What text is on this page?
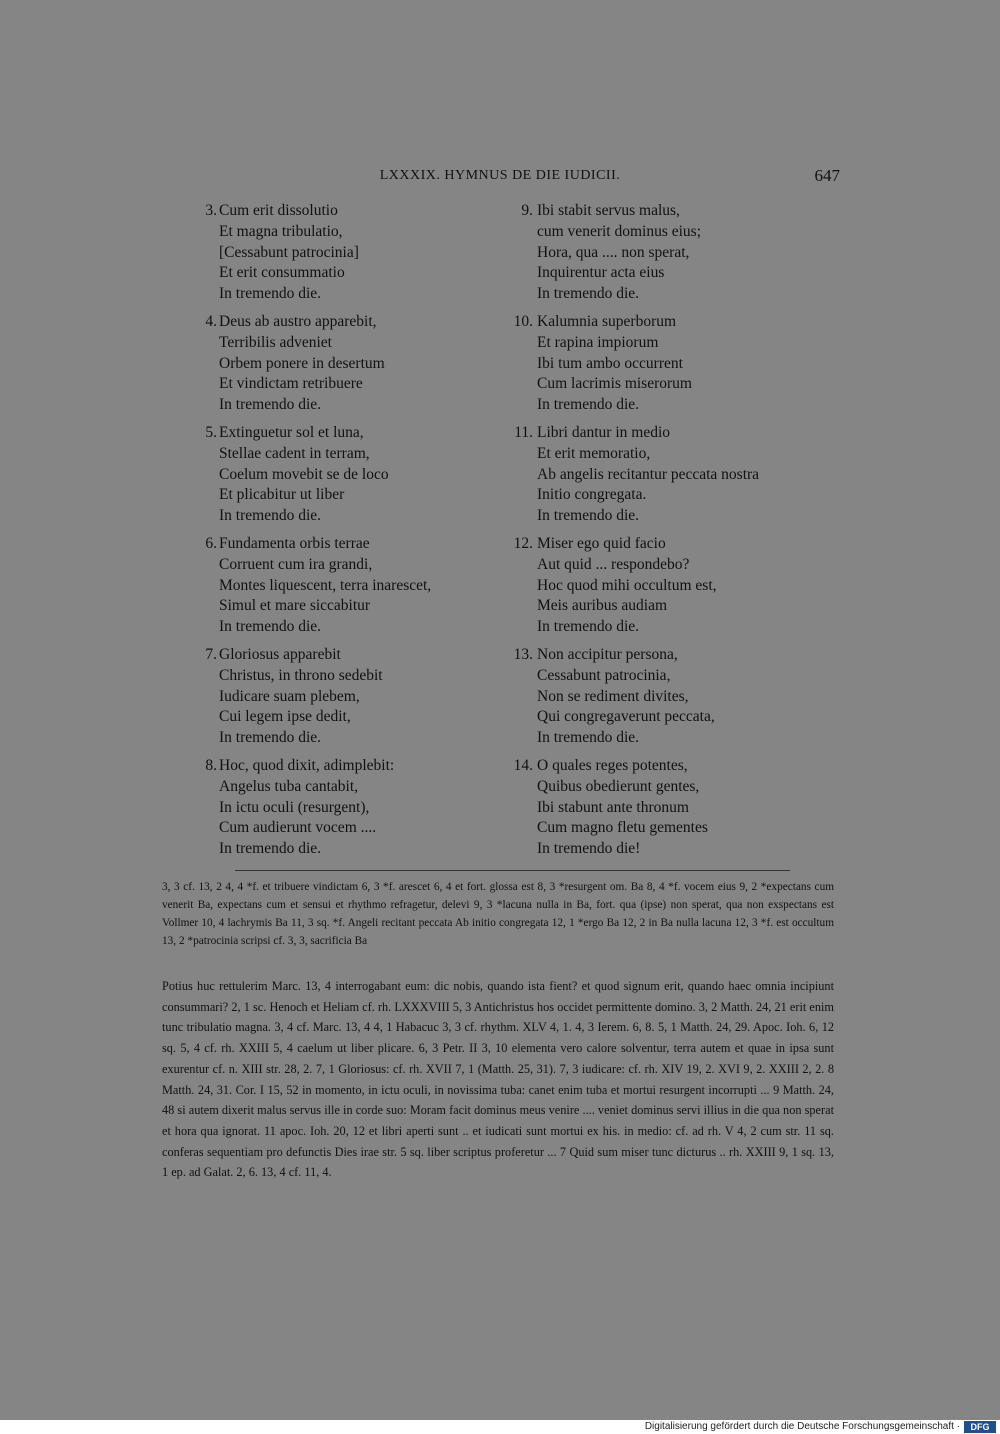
LXXXIX. HYMNUS DE DIE IUDICII.	647
3. Cum erit dissolutio
Et magna tribulatio,
[Cessabunt patrocinia]
Et erit consummatio
In tremendo die.
4. Deus ab austro apparebit,
Terribilis adveniet
Orbem ponere in desertum
Et vindictam retribuere
In tremendo die.
5. Extinguetur sol et luna,
Stellae cadent in terram,
Coelum movebit se de loco
Et plicabitur ut liber
In tremendo die.
6. Fundamenta orbis terrae
Corruent cum ira grandi,
Montes liquescent, terra inarescet,
Simul et mare siccabitur
In tremendo die.
7. Gloriosus apparebit
Christus, in throno sedebit
Iudicare suam plebem,
Cui legem ipse dedit,
In tremendo die.
8. Hoc, quod dixit, adimplebit:
Angelus tuba cantabit,
In ictu oculi (resurgent),
Cum audierunt vocem ....
In tremendo die.
9. Ibi stabit servus malus,
cum venerit dominus eius;
Hora, qua .... non sperat,
Inquirentur acta eius
In tremendo die.
10. Kalumnia superborum
Et rapina impiorum
Ibi tum ambo occurrent
Cum lacrimis miserorum
In tremendo die.
11. Libri dantur in medio
Et erit memoratio,
Ab angelis recitantur peccata nostra
Initio congregata.
In tremendo die.
12. Miser ego quid facio
Aut quid ... respondebo?
Hoc quod mihi occultum est,
Meis auribus audiam
In tremendo die.
13. Non accipitur persona,
Cessabunt patrocinia,
Non se rediment divites,
Qui congregaverunt peccata,
In tremendo die.
14. O quales reges potentes,
Quibus obedierunt gentes,
Ibi stabunt ante thronum
Cum magno fletu gementes
In tremendo die!

3, 3 cf. 13, 2 4, 4 *f. et tribuere vindictam 6, 3 *f. arescet 6, 4 et fort. glossa est 8, 3 *resurgent om. Ba 8, 4 *f. vocem eius 9, 2 *expectans cum venerit Ba, expectans cum et sensui et rhythmo refragetur, delevi 9, 3 *lacuna nulla in Ba, fort. qua (ipse) non sperat, qua non exspectans est Vollmer 10, 4 lachrymis Ba 11, 3 sq. *f. Angeli recitant peccata Ab initio congregata 12, 1 *ergo Ba 12, 2 in Ba nulla lacuna 12, 3 *f. est occultum 13, 2 *patrocinia scripsi cf. 3, 3, sacrificia Ba

Potius huc rettulerim Marc. 13, 4 interrogabant eum: dic nobis, quando ista fient? et quod signum erit, quando haec omnia incipiunt consummari? 2, 1 sc. Henoch et Heliam cf. rh. LXXXVIII 5, 3 Antichristus hos occidet permittente domino. 3, 2 Matth. 24, 21 erit enim tunc tribulatio magna. 3, 4 cf. Marc. 13, 4 4, 1 Habacuc 3, 3 cf. rhythm. XLV 4, 1. 4, 3 Ierem. 6, 8. 5, 1 Matth. 24, 29. Apoc. Ioh. 6, 12 sq. 5, 4 cf. rh. XXIII 5, 4 caelum ut liber plicare. 6, 3 Petr. II 3, 10 elementa vero calore solventur, terra autem et quae in ipsa sunt exurentur cf. n. XIII str. 28, 2. 7, 1 Gloriosus: cf. rh. XVII 7, 1 (Matth. 25, 31). 7, 3 iudicare: cf. rh. XIV 19, 2. XVI 9, 2. XXIII 2, 2. 8 Matth. 24, 31. Cor. I 15, 52 in momento, in ictu oculi, in novissima tuba: canet enim tuba et mortui resurgent incorrupti ... 9 Matth. 24, 48 si autem dixerit malus servus ille in corde suo: Moram facit dominus meus venire .... veniet dominus servi illius in die qua non sperat et hora qua ignorat. 11 apoc. Ioh. 20, 12 et libri aperti sunt .. et iudicati sunt mortui ex his. in medio: cf. ad rh. V 4, 2 cum str. 11 sq. conferas sequentiam pro defunctis Dies irae str. 5 sq. liber scriptus proferetur ... 7 Quid sum miser tunc dicturus .. rh. XXIII 9, 1 sq. 13, 1 ep. ad Galat. 2, 6. 13, 4 cf. 11, 4.

Digitalisierung gefördert durch die Deutsche Forschungsgemeinschaft ·	DFG
